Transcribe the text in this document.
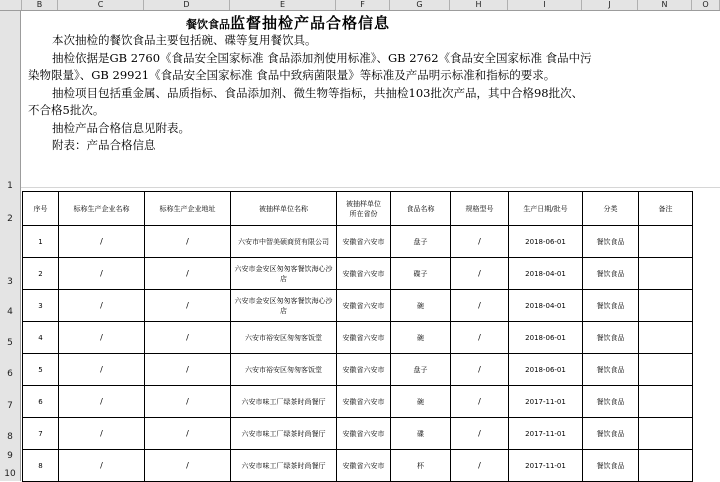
B	C	D	E	F	G	H	I	J	N	O
1
2
3
4
5
6
7
8
9
10
餐饮食品监督抽检产品合格信息
本次抽检的餐饮食品主要包括碗、碟等复用餐饮具。
抽检依据是GB 2760《食品安全国家标准 食品添加剂使用标准》、GB 2762《食品安全国家标准 食品中污
染物限量》、GB 29921《食品安全国家标准 食品中致病菌限量》等标准及产品明示标准和指标的要求。
抽检项目包括重金属、品质指标、食品添加剂、微生物等指标，共抽检103批次产品，其中合格98批次、
不合格5批次。
抽检产品合格信息见附表。
附表：产品合格信息
序号	标称生产企业名称	标称生产企业地址	被抽样单位名称	被抽样单位
所在省份	食品名称	规格型号	生产日期/批号	分类	备注
1	/	/	六安市中智美硕商贸有限公司	安徽省六安市	盘子	/	2018-06-01	餐饮食品	
2	/	/	六安市金安区匆匆客餐饮海心沙店	安徽省六安市	碟子	/	2018-04-01	餐饮食品	
3	/	/	六安市金安区匆匆客餐饮海心沙店	安徽省六安市	碗	/	2018-04-01	餐饮食品	
4	/	/	六安市裕安区匆匆客饭堂	安徽省六安市	碗	/	2018-06-01	餐饮食品	
5	/	/	六安市裕安区匆匆客饭堂	安徽省六安市	盘子	/	2018-06-01	餐饮食品	
6	/	/	六安市味工厂绿茶时尚餐厅	安徽省六安市	碗	/	2017-11-01	餐饮食品	
7	/	/	六安市味工厂绿茶时尚餐厅	安徽省六安市	碟	/	2017-11-01	餐饮食品	
8	/	/	六安市味工厂绿茶时尚餐厅	安徽省六安市	杯	/	2017-11-01	餐饮食品	
